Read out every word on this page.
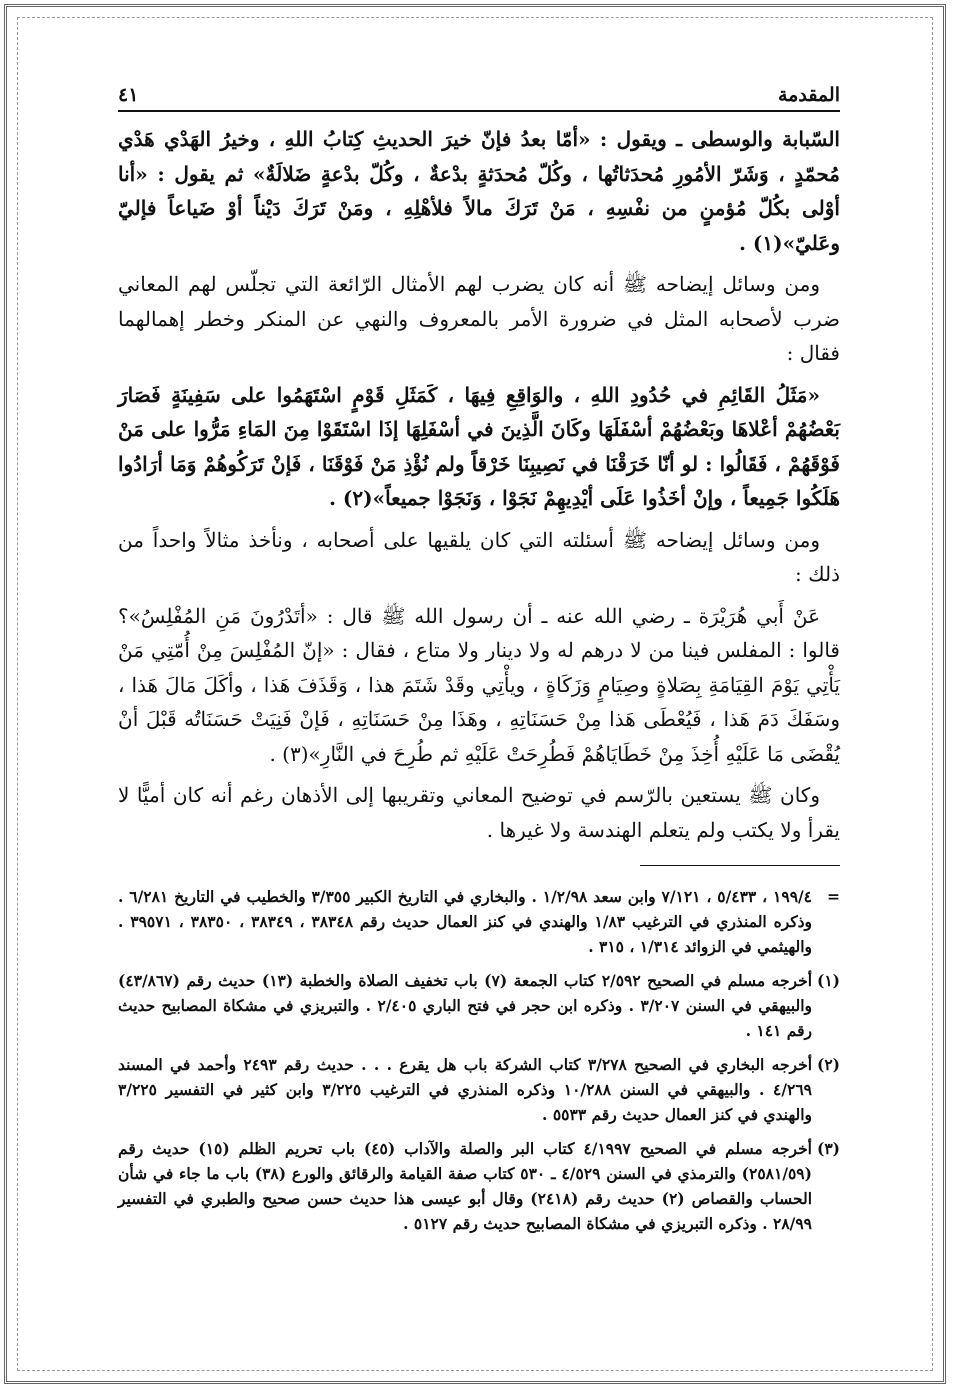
المقدمة
٤١

السّبابة والوسطى ـ ويقول : «أمّا بعدُ فإنّ خيرَ الحديثِ كِتابُ اللهِ ، وخيرُ الهَدْي هَدْي مُحمّدٍ ، وَشَرّ الأمُورِ مُحدَثاتُها ، وكُلّ مُحدَثةٍ بدْعةٌ ، وكُلّ بدْعةٍ ضَلالَةٌ» ثم يقول : «أنا أوْلى بكُلّ مُؤمنٍ من نفْسِهِ ، مَنْ تَرَكَ مالاً فلأهْلِهِ ، ومَنْ تَرَكَ دَيْناً أوْ ضَياعاً فإليّ وعَليّ»(١) .

ومن وسائل إيضاحه ﷺ أنه كان يضرب لهم الأمثال الرّائعة التي تجلّس لهم المعاني ضرب لأصحابه المثل في ضرورة الأمر بالمعروف والنهي عن المنكر وخطر إهمالهما فقال :

«مَثَلُ القَائِمِ في حُدُودِ اللهِ ، والوَاقِعِ فِيهَا ، كَمَثَلِ قَوْمٍ اسْتَهَمُوا على سَفِينَةٍ فَصَارَ بَعْضُهُمْ أعْلاهَا وبَعْضُهُمْ أسْفَلَهَا وكَانَ الَّذِينَ في أسْفَلِهَا إذَا اسْتَقَوْا مِنَ المَاءِ مَرُّوا على مَنْ فَوْقَهُمْ ، فَقَالُوا : لو أنّا خَرَقْنَا في نَصِيبِنَا خَرْقاً ولم نُؤْذِ مَنْ فَوْقَنَا ، فَإنْ تَرَكُوهُمْ وَمَا أرَادُوا هَلَكُوا جَمِيعاً ، وإنْ أخَذُوا عَلَى أيْدِيهِمْ نَجَوْا ، وَنَجَوْا جميعاً»(٢) .

ومن وسائل إيضاحه ﷺ أسئلته التي كان يلقيها على أصحابه ، ونأخذ مثالاً واحداً من ذلك :

عَنْ أَبي هُرَيْرَة ـ رضي الله عنه ـ أن رسول الله ﷺ قال : «أتَدْرُونَ مَنِ المُفْلِسُ»؟ قالوا : المفلس فينا من لا درهم له ولا دينار ولا متاع ، فقال : «إنّ المُفْلِسَ مِنْ أُمّتِي مَنْ يَأْتِي يَوْمَ القِيَامَةِ بِصَلاةٍ وصِيَامٍ وَزَكَاةٍ ، ويأْتِي وقَدْ شَتَمَ هذا ، وَقَذَفَ هَذا ، وأكَلَ مَالَ هَذا ، وسَفَكَ دَمَ هَذا ، فَيُعْطَى هَذا مِنْ حَسَنَاتِهِ ، وهَذَا مِنْ حَسَنَاتِهِ ، فَإنْ فَنِيَتْ حَسَنَاتُه قَبْلَ أنْ يُقْضَى مَا عَلَيْهِ أُخِذَ مِنْ خَطَايَاهُمْ فَطُرِحَتْ عَلَيْهِ ثم طُرِحَ في النَّارِ»(٣) .

وكان ﷺ يستعين بالرّسم في توضيح المعاني وتقريبها إلى الأذهان رغم أنه كان أميًّا لا يقرأ ولا يكتب ولم يتعلم الهندسة ولا غيرها .

=
١٩٩/٤ ، ٥/٤٣٣ ، ٧/١٢١ وابن سعد ١/٢/٩٨ . والبخاري في التاريخ الكبير ٣/٣٥٥ والخطيب في التاريخ ٦/٢٨١ . وذكره المنذري في الترغيب ١/٨٣ والهندي في كنز العمال حديث رقم ٣٨٣٤٨ ، ٣٨٣٤٩ ، ٣٨٣٥٠ ، ٣٩٥٧١ . والهيثمي في الزوائد ١/٣١٤ ، ٣١٥ .
(١)
أخرجه مسلم في الصحيح ٢/٥٩٢ كتاب الجمعة (٧) باب تخفيف الصلاة والخطبة (١٣) حديث رقم (٤٣/٨٦٧) والبيهقي في السنن ٣/٢٠٧ . وذكره ابن حجر في فتح الباري ٢/٤٠٥ . والتبريزي في مشكاة المصابيح حديث رقم ١٤١ .
(٢)
أخرجه البخاري في الصحيح ٣/٢٧٨ كتاب الشركة باب هل يقرع . . . حديث رقم ٢٤٩٣ وأحمد في المسند ٤/٢٦٩ . والبيهقي في السنن ١٠/٢٨٨ وذكره المنذري في الترغيب ٣/٢٢٥ وابن كثير في التفسير ٣/٢٢٥ والهندي في كنز العمال حديث رقم ٥٥٣٣ .
(٣)
أخرجه مسلم في الصحيح ٤/١٩٩٧ كتاب البر والصلة والآداب (٤٥) باب تحريم الظلم (١٥) حديث رقم (٢٥٨١/٥٩) والترمذي في السنن ٤/٥٢٩ ـ ٥٣٠ كتاب صفة القيامة والرقائق والورع (٣٨) باب ما جاء في شأن الحساب والقصاص (٢) حديث رقم (٢٤١٨) وقال أبو عيسى هذا حديث حسن صحيح والطبري في التفسير ٢٨/٩٩ . وذكره التبريزي في مشكاة المصابيح حديث رقم ٥١٢٧ .
